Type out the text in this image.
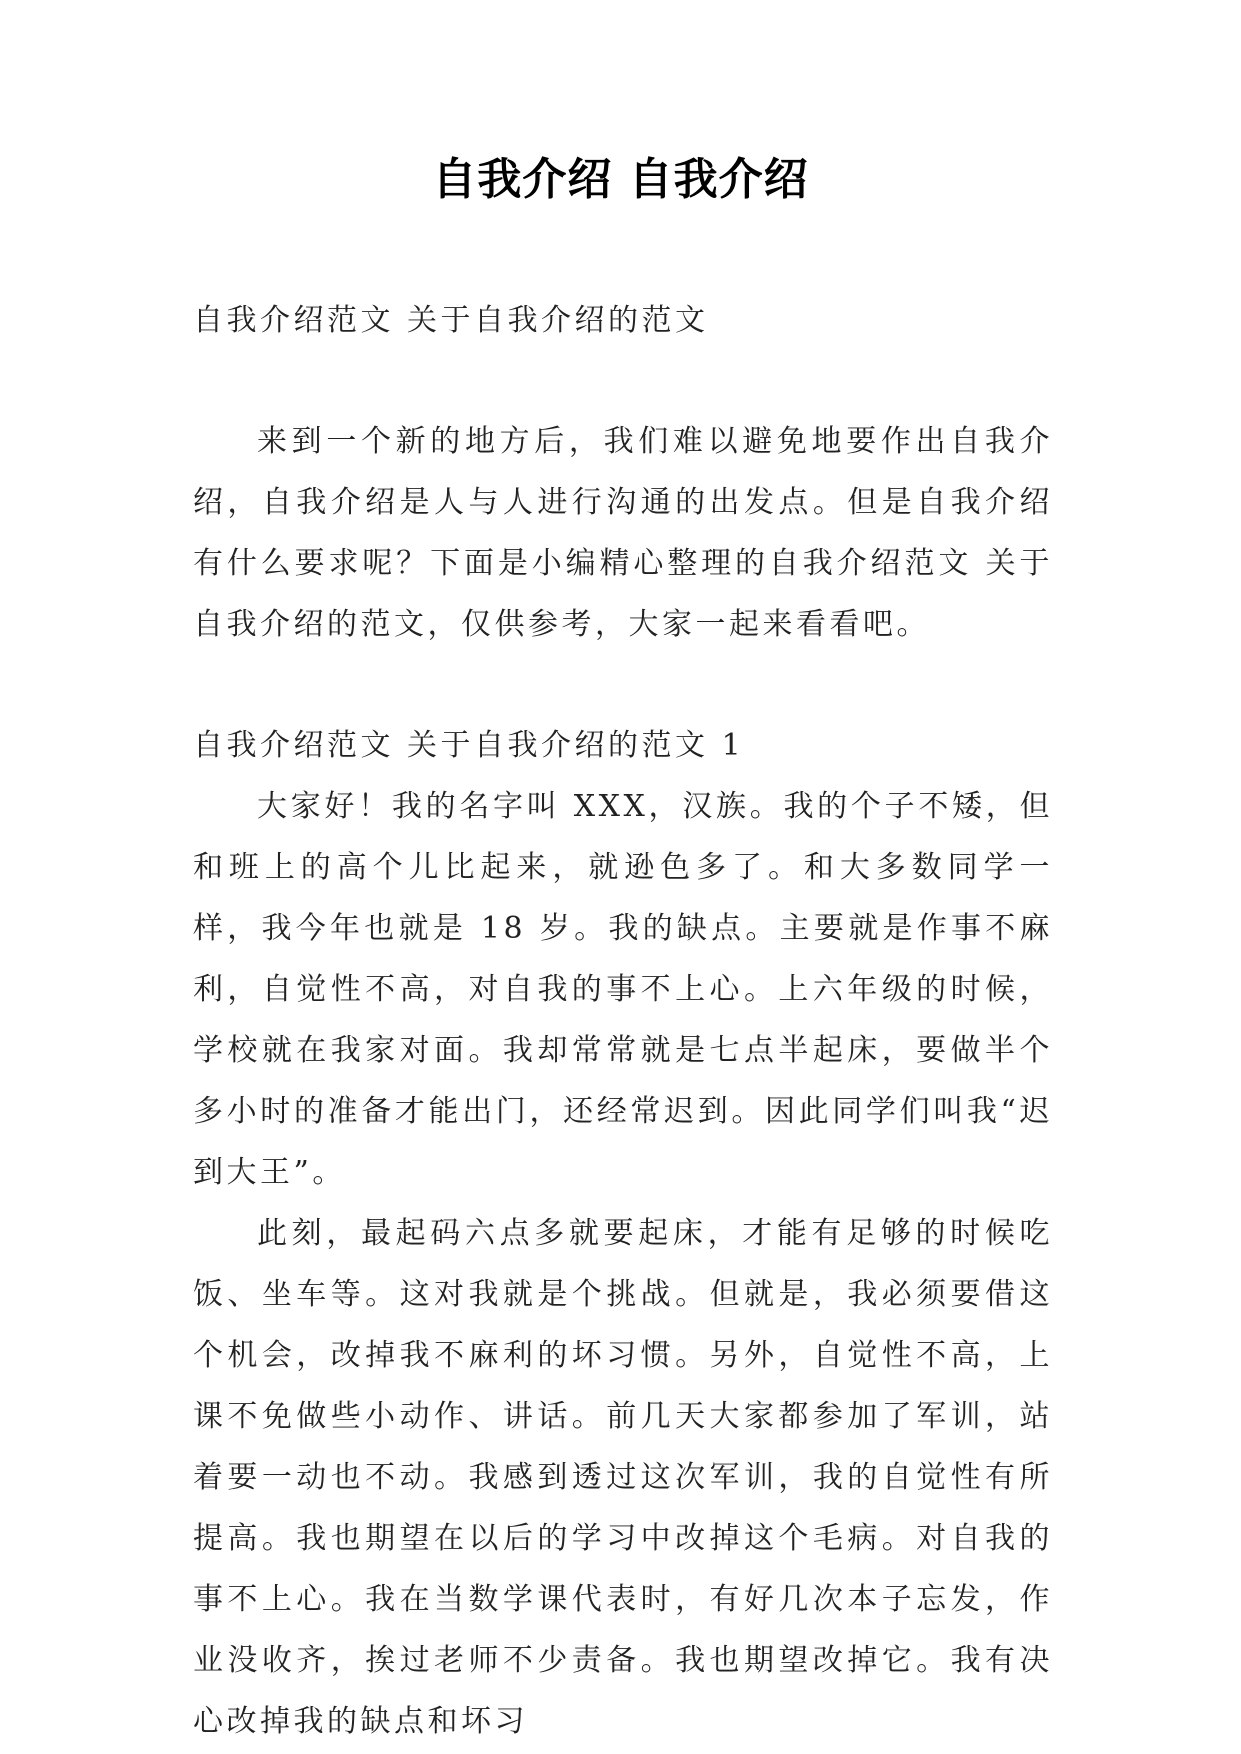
自我介绍 自我介绍

自我介绍范文 关于自我介绍的范文

来到一个新的地方后，我们难以避免地要作出自我介绍，自我介绍是人与人进行沟通的出发点。但是自我介绍有什么要求呢？下面是小编精心整理的自我介绍范文 关于自我介绍的范文，仅供参考，大家一起来看看吧。

自我介绍范文 关于自我介绍的范文 1

大家好！我的名字叫 XXX，汉族。我的个子不矮，但和班上的高个儿比起来，就逊色多了。和大多数同学一样，我今年也就是 18 岁。我的缺点。主要就是作事不麻利，自觉性不高，对自我的事不上心。上六年级的时候，学校就在我家对面。我却常常就是七点半起床，要做半个多小时的准备才能出门，还经常迟到。因此同学们叫我“迟到大王”。

此刻，最起码六点多就要起床，才能有足够的时候吃饭、坐车等。这对我就是个挑战。但就是，我必须要借这个机会，改掉我不麻利的坏习惯。另外，自觉性不高，上课不免做些小动作、讲话。前几天大家都参加了军训，站着要一动也不动。我感到透过这次军训，我的自觉性有所提高。我也期望在以后的学习中改掉这个毛病。对自我的事不上心。我在当数学课代表时，有好几次本子忘发，作业没收齐，挨过老师不少责备。我也期望改掉它。我有决心改掉我的缺点和坏习
